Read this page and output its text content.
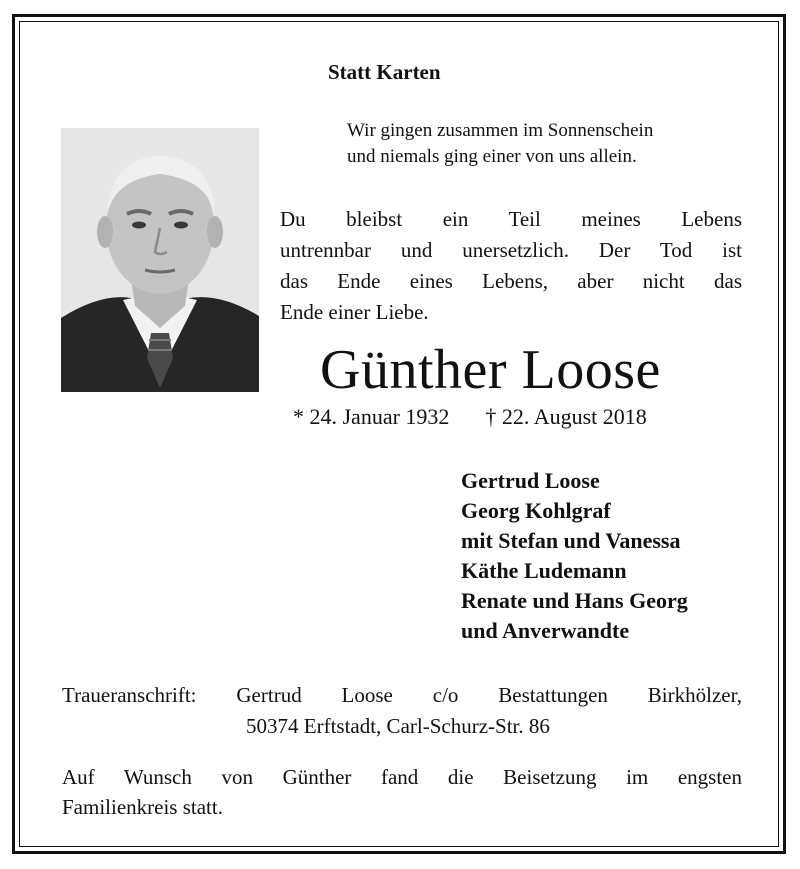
Statt Karten
Wir gingen zusammen im Sonnenschein
und niemals ging einer von uns allein.
Du bleibst ein Teil meines Lebens
untrennbar und unersetzlich. Der Tod ist
das Ende eines Lebens, aber nicht das
Ende einer Liebe.
Günther Loose
* 24. Januar 1932 † 22. August 2018
Gertrud Loose
Georg Kohlgraf
mit Stefan und Vanessa
Käthe Ludemann
Renate und Hans Georg
und Anverwandte
Traueranschrift: Gertrud Loose c/o Bestattungen Birkhölzer,
50374 Erftstadt, Carl-Schurz-Str. 86
Auf Wunsch von Günther fand die Beisetzung im engsten
Familienkreis statt.
